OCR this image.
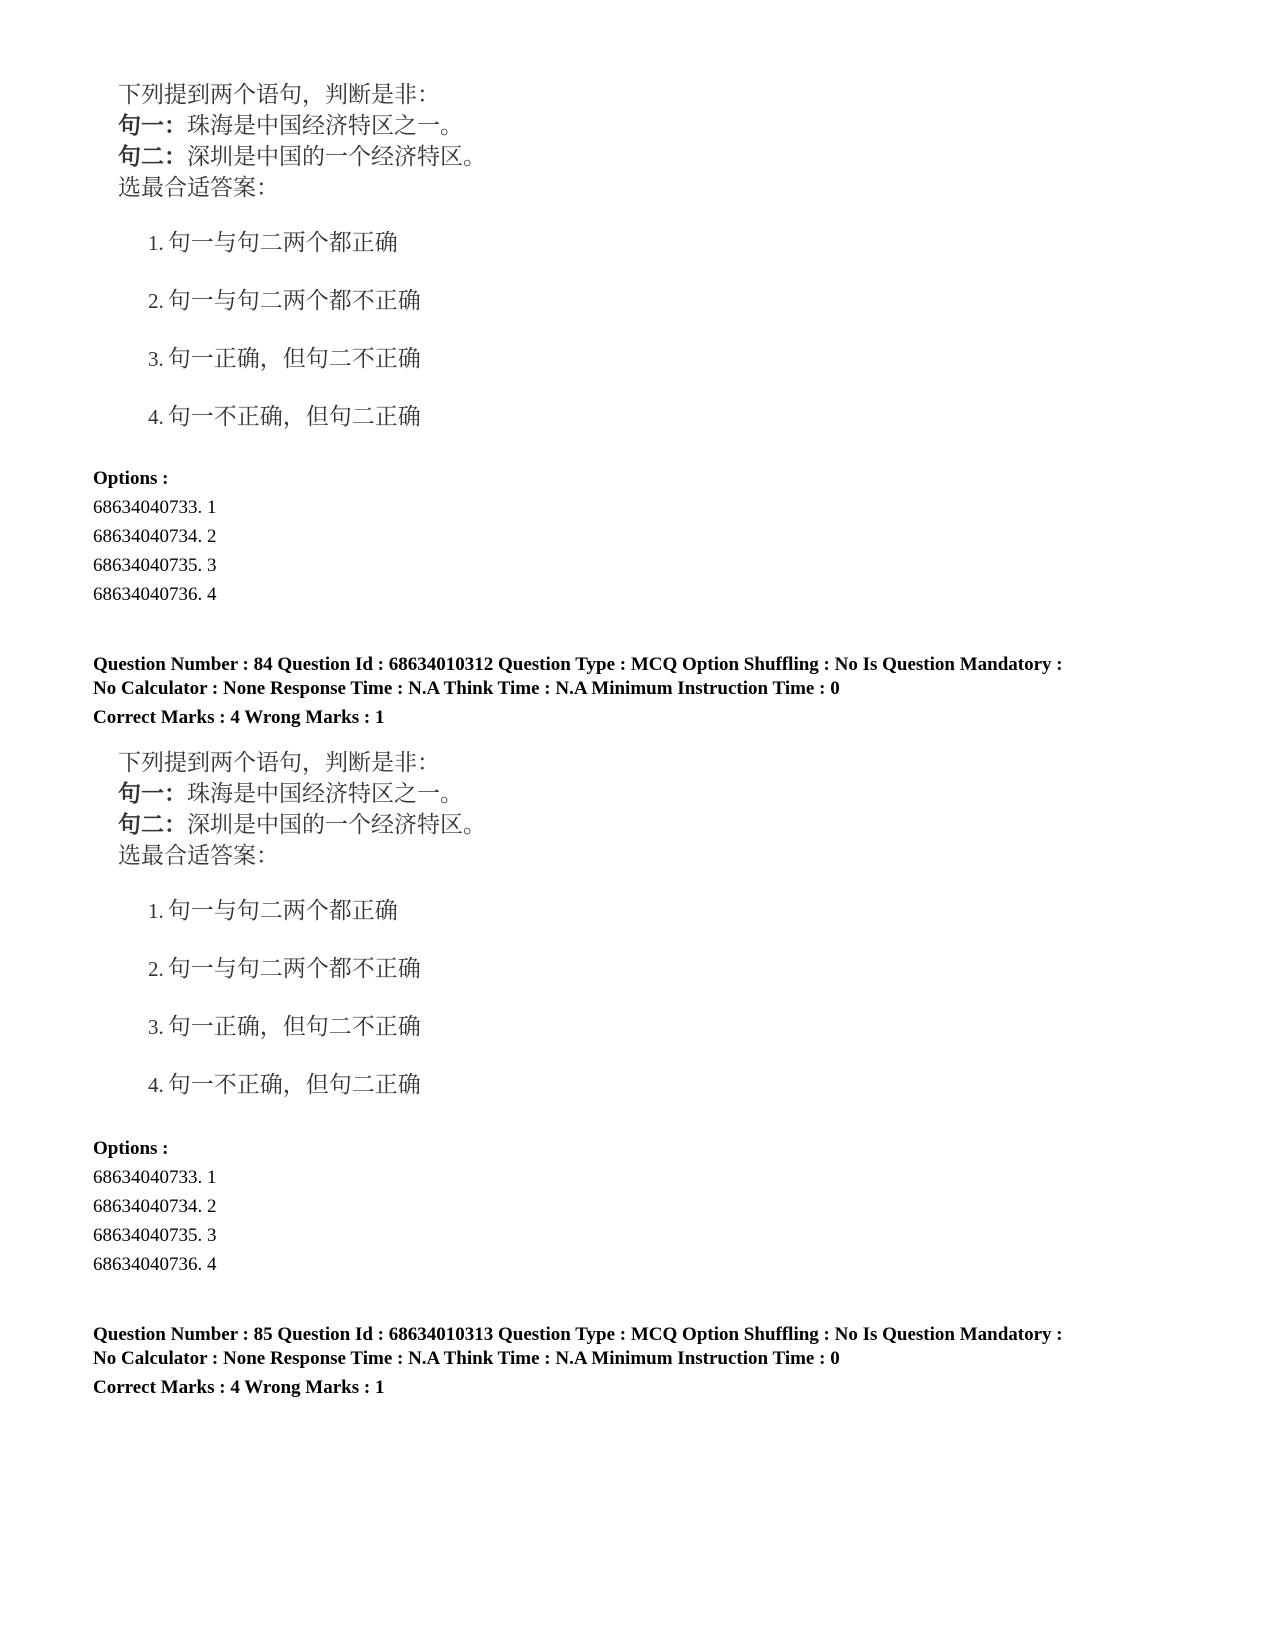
下列提到两个语句，判断是非：
句一：珠海是中国经济特区之一。
句二：深圳是中国的一个经济特区。
选最合适答案：
1. 句一与句二两个都正确
2. 句一与句二两个都不正确
3. 句一正确，但句二不正确
4. 句一不正确，但句二正确
Options :
68634040733. 1
68634040734. 2
68634040735. 3
68634040736. 4
Question Number : 84 Question Id : 68634010312 Question Type : MCQ Option Shuffling : No Is Question Mandatory :
No Calculator : None Response Time : N.A Think Time : N.A Minimum Instruction Time : 0
Correct Marks : 4 Wrong Marks : 1
下列提到两个语句，判断是非：
句一：珠海是中国经济特区之一。
句二：深圳是中国的一个经济特区。
选最合适答案：
1. 句一与句二两个都正确
2. 句一与句二两个都不正确
3. 句一正确，但句二不正确
4. 句一不正确，但句二正确
Options :
68634040733. 1
68634040734. 2
68634040735. 3
68634040736. 4
Question Number : 85 Question Id : 68634010313 Question Type : MCQ Option Shuffling : No Is Question Mandatory :
No Calculator : None Response Time : N.A Think Time : N.A Minimum Instruction Time : 0
Correct Marks : 4 Wrong Marks : 1
